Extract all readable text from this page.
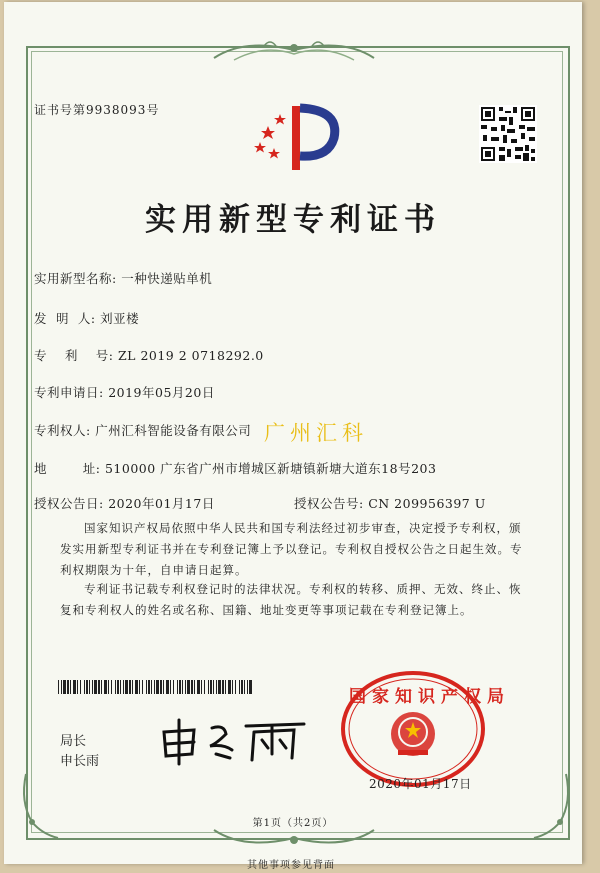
证书号第9938093号
实用新型专利证书
实用新型名称: 一种快递贴单机
发  明  人: 刘亚楼
专    利    号: ZL 2019 2 0718292.0
专利申请日: 2019年05月20日
专利权人: 广州汇科智能设备有限公司 广州汇科
地        址: 510000 广东省广州市增城区新塘镇新塘大道东18号203
授权公告日: 2020年01月17日	授权公告号: CN 209956397 U
国家知识产权局依照中华人民共和国专利法经过初步审查，决定授予专利权，颁发实用新型专利证书并在专利登记簿上予以登记。专利权自授权公告之日起生效。专利权期限为十年，自申请日起算。
专利证书记载专利权登记时的法律状况。专利权的转移、质押、无效、终止、恢复和专利权人的姓名或名称、国籍、地址变更等事项记载在专利登记簿上。
局长
申长雨
国家知识产权局
2020年01月17日
第1页（共2页）
其他事项参见背面
